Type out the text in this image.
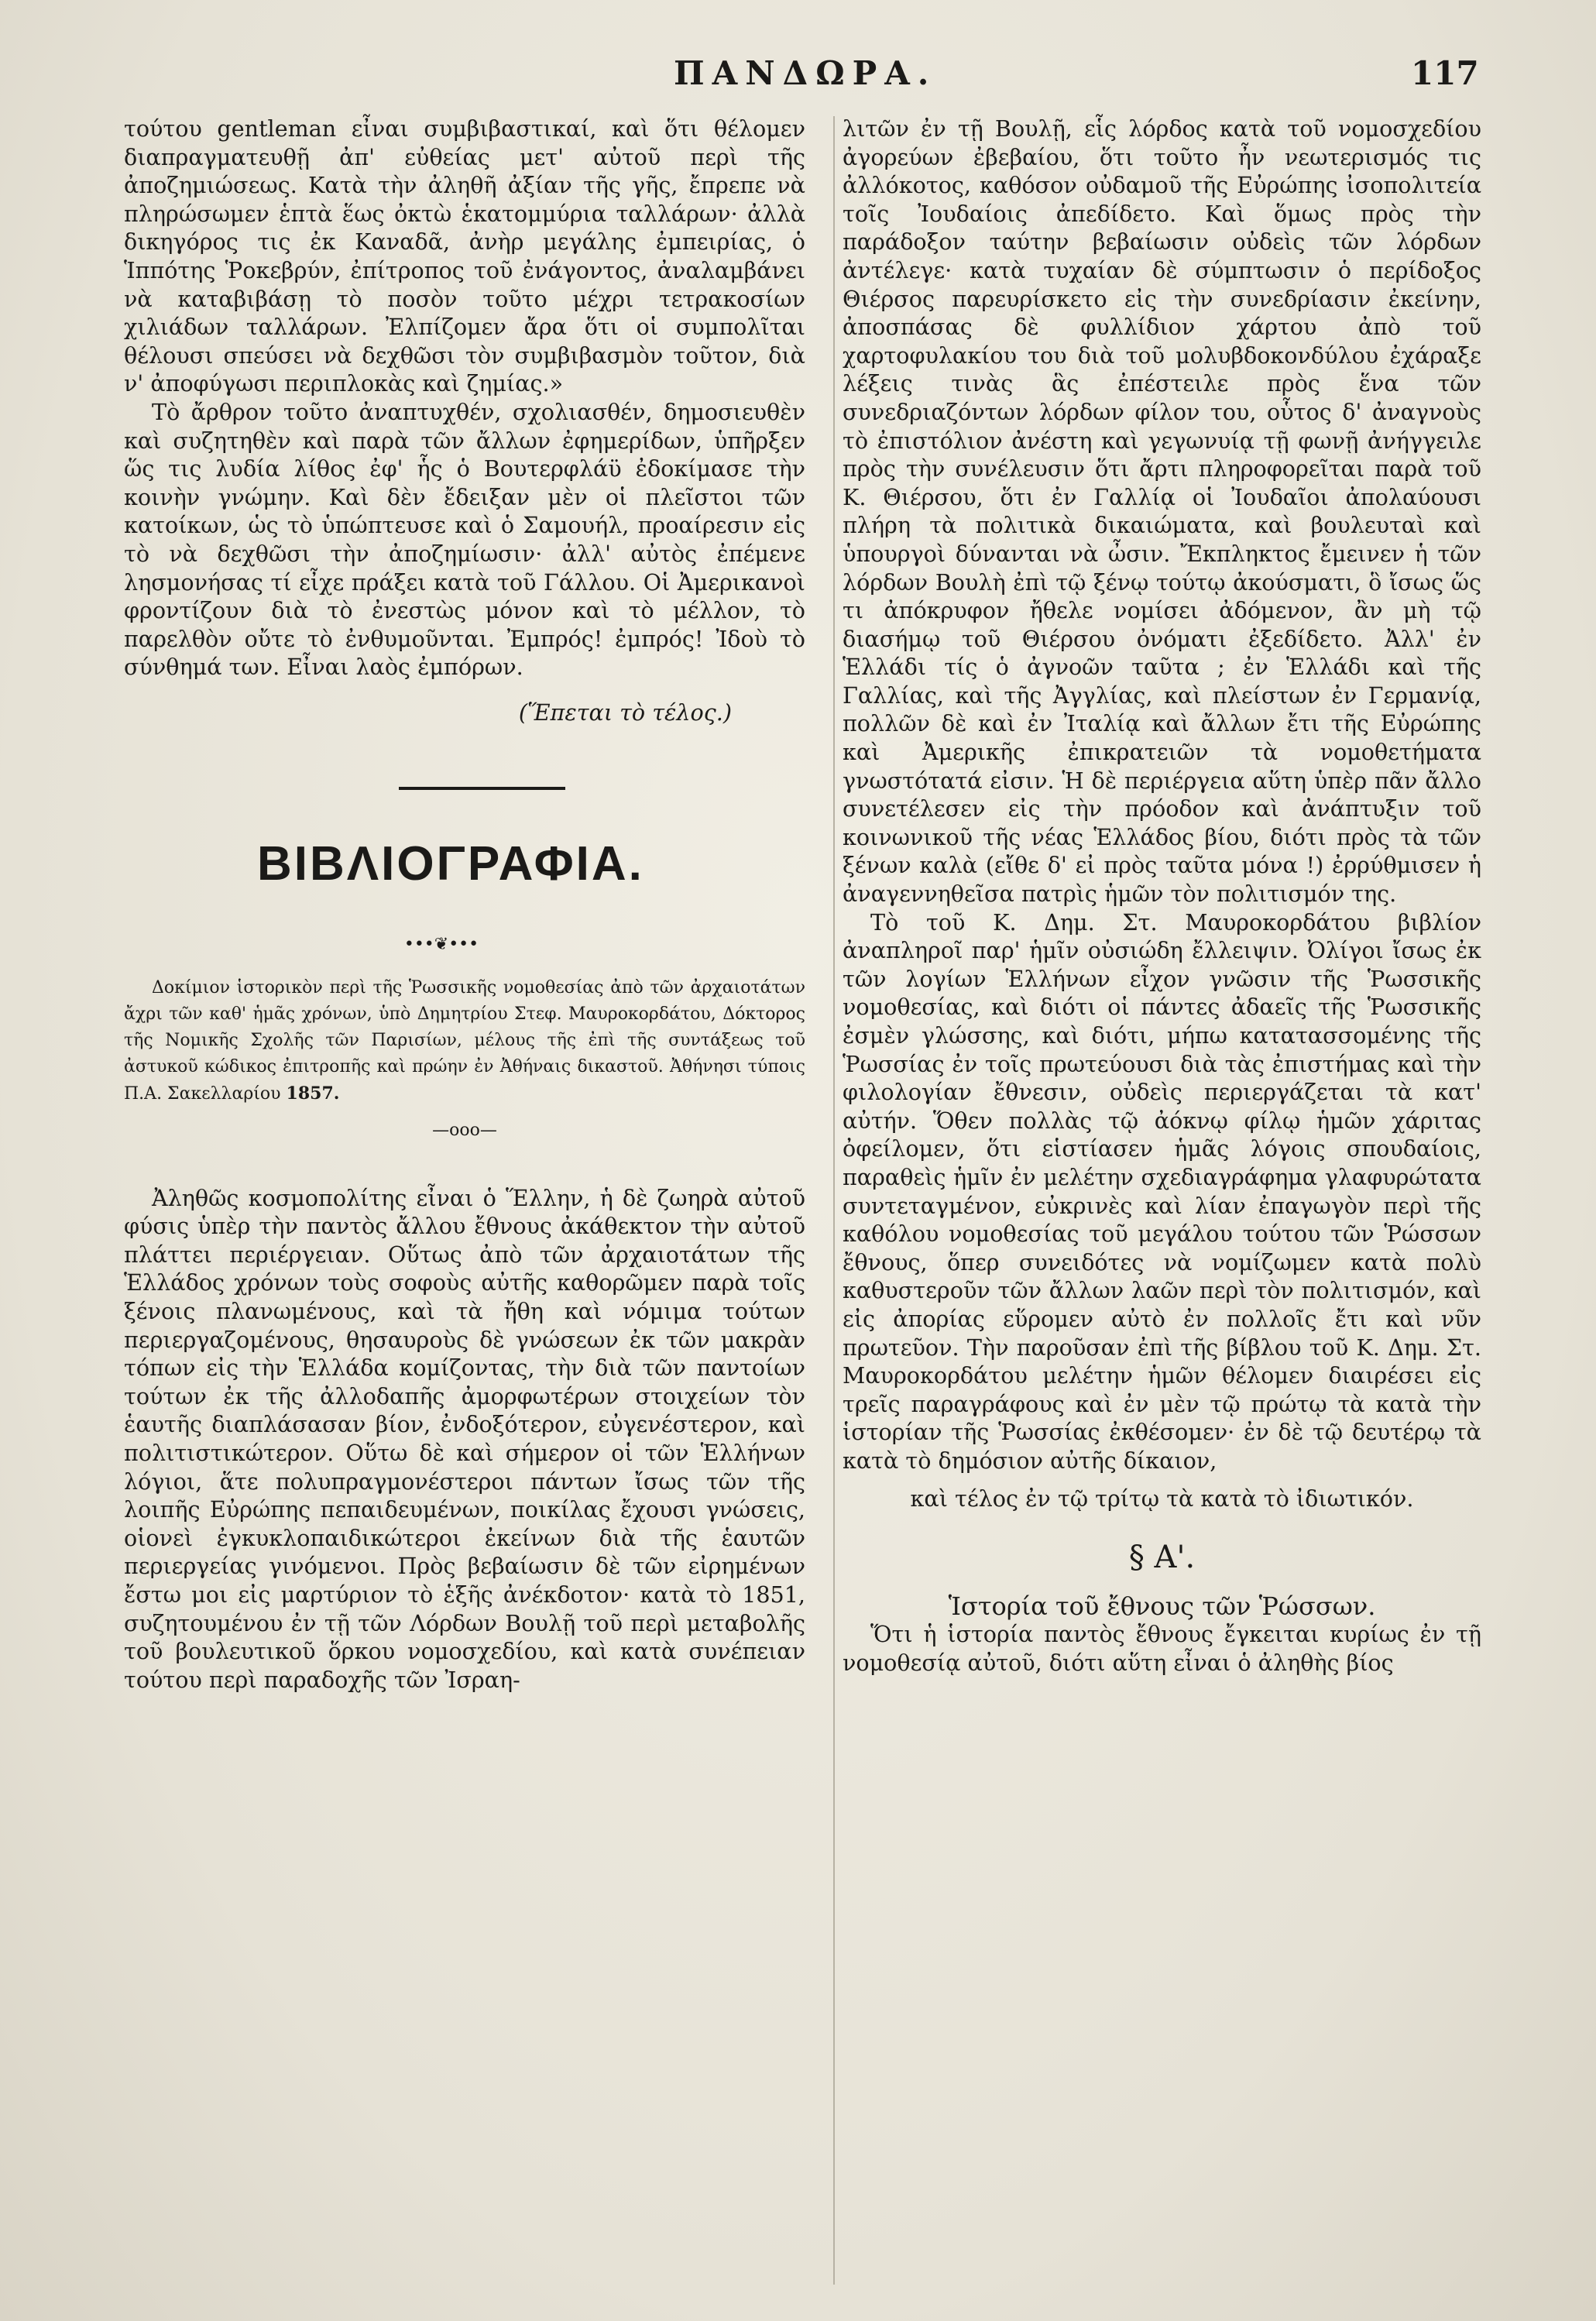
ΠΑΝΔΩΡΑ.	117

τούτου gentleman εἶναι συμβιβαστικαί, καὶ ὅτι θέλομεν διαπραγματευθῇ ἀπ' εὐθείας μετ' αὐτοῦ περὶ τῆς ἀποζημιώσεως. Κατὰ τὴν ἀληθῆ ἀξίαν τῆς γῆς, ἔπρεπε νὰ πληρώσωμεν ἑπτὰ ἕως ὀκτὼ ἑκατομμύρια ταλλάρων· ἀλλὰ δικηγόρος τις ἐκ Καναδᾶ, ἀνὴρ μεγάλης ἐμπειρίας, ὁ Ἱππότης Ῥοκεβρύν, ἐπίτροπος τοῦ ἐνάγοντος, ἀναλαμβάνει νὰ καταβιβάσῃ τὸ ποσὸν τοῦτο μέχρι τετρακοσίων χιλιάδων ταλλάρων. Ἐλπίζομεν ἄρα ὅτι οἱ συμπολῖται θέλουσι σπεύσει νὰ δεχθῶσι τὸν συμβιβασμὸν τοῦτον, διὰ ν' ἀποφύγωσι περιπλοκὰς καὶ ζημίας.»

Τὸ ἄρθρον τοῦτο ἀναπτυχθέν, σχολιασθέν, δημοσιευθὲν καὶ συζητηθὲν καὶ παρὰ τῶν ἄλλων ἐφημερίδων, ὑπῆρξεν ὥς τις λυδία λίθος ἐφ' ἧς ὁ Βουτερφλάϋ ἐδοκίμασε τὴν κοινὴν γνώμην. Καὶ δὲν ἔδειξαν μὲν οἱ πλεῖστοι τῶν κατοίκων, ὡς τὸ ὑπώπτευσε καὶ ὁ Σαμουήλ, προαίρεσιν εἰς τὸ νὰ δεχθῶσι τὴν ἀποζημίωσιν· ἀλλ' αὐτὸς ἐπέμενε λησμονήσας τί εἶχε πράξει κατὰ τοῦ Γάλλου. Οἱ Ἀμερικανοὶ φροντίζουν διὰ τὸ ἐνεστὼς μόνον καὶ τὸ μέλλον, τὸ παρελθὸν οὔτε τὸ ἐνθυμοῦνται. Ἐμπρός! ἐμπρός! Ἰδοὺ τὸ σύνθημά των. Εἶναι λαὸς ἐμπόρων.

(Ἕπεται τὸ τέλος.)

ΒΙΒΛΙΟΓΡΑΦΙΑ.

•••❦•••

Δοκίμιον ἱστορικὸν περὶ τῆς Ῥωσσικῆς νομοθεσίας ἀπὸ τῶν ἀρχαιοτάτων ἄχρι τῶν καθ' ἡμᾶς χρόνων, ὑπὸ Δημητρίου Στεφ. Μαυροκορδάτου, Δόκτορος τῆς Νομικῆς Σχολῆς τῶν Παρισίων, μέλους τῆς ἐπὶ τῆς συντάξεως τοῦ ἀστυκοῦ κώδικος ἐπιτροπῆς καὶ πρώην ἐν Ἀθήναις δικαστοῦ. Ἀθήνησι τύποις Π.Α. Σακελλαρίου 1857.

—οοο—

Ἀληθῶς κοσμοπολίτης εἶναι ὁ Ἕλλην, ἡ δὲ ζωηρὰ αὐτοῦ φύσις ὑπὲρ τὴν παντὸς ἄλλου ἔθνους ἀκάθεκτον τὴν αὐτοῦ πλάττει περιέργειαν. Οὕτως ἀπὸ τῶν ἀρχαιοτάτων τῆς Ἑλλάδος χρόνων τοὺς σοφοὺς αὐτῆς καθορῶμεν παρὰ τοῖς ξένοις πλανωμένους, καὶ τὰ ἤθη καὶ νόμιμα τούτων περιεργαζομένους, θησαυροὺς δὲ γνώσεων ἐκ τῶν μακρὰν τόπων εἰς τὴν Ἑλλάδα κομίζοντας, τὴν διὰ τῶν παντοίων τούτων ἐκ τῆς ἀλλοδαπῆς ἀμορφωτέρων στοιχείων τὸν ἑαυτῆς διαπλάσασαν βίον, ἐνδοξότερον, εὐγενέστερον, καὶ πολιτιστικώτερον. Οὕτω δὲ καὶ σήμερον οἱ τῶν Ἑλλήνων λόγιοι, ἅτε πολυπραγμονέστεροι πάντων ἴσως τῶν τῆς λοιπῆς Εὐρώπης πεπαιδευμένων, ποικίλας ἔχουσι γνώσεις, οἱονεὶ ἐγκυκλοπαιδικώτεροι ἐκείνων διὰ τῆς ἑαυτῶν περιεργείας γινόμενοι. Πρὸς βεβαίωσιν δὲ τῶν εἰρημένων ἔστω μοι εἰς μαρτύριον τὸ ἑξῆς ἀνέκδοτον· κατὰ τὸ 1851, συζητουμένου ἐν τῇ τῶν Λόρδων Βουλῇ τοῦ περὶ μεταβολῆς τοῦ βουλευτικοῦ ὅρκου νομοσχεδίου, καὶ κατὰ συνέπειαν τούτου περὶ παραδοχῆς τῶν Ἰσραη-

λιτῶν ἐν τῇ Βουλῇ, εἷς λόρδος κατὰ τοῦ νομοσχεδίου ἀγορεύων ἐβεβαίου, ὅτι τοῦτο ἦν νεωτερισμός τις ἀλλόκοτος, καθόσον οὐδαμοῦ τῆς Εὐρώπης ἰσοπολιτεία τοῖς Ἰουδαίοις ἀπεδίδετο. Καὶ ὅμως πρὸς τὴν παράδοξον ταύτην βεβαίωσιν οὐδεὶς τῶν λόρδων ἀντέλεγε· κατὰ τυχαίαν δὲ σύμπτωσιν ὁ περίδοξος Θιέρσος παρευρίσκετο εἰς τὴν συνεδρίασιν ἐκείνην, ἀποσπάσας δὲ φυλλίδιον χάρτου ἀπὸ τοῦ χαρτοφυλακίου του διὰ τοῦ μολυβδοκονδύλου ἐχάραξε λέξεις τινὰς ἃς ἐπέστειλε πρὸς ἕνα τῶν συνεδριαζόντων λόρδων φίλον του, οὗτος δ' ἀναγνοὺς τὸ ἐπιστόλιον ἀνέστη καὶ γεγωνυίᾳ τῇ φωνῇ ἀνήγγειλε πρὸς τὴν συνέλευσιν ὅτι ἄρτι πληροφορεῖται παρὰ τοῦ Κ. Θιέρσου, ὅτι ἐν Γαλλίᾳ οἱ Ἰουδαῖοι ἀπολαύουσι πλήρη τὰ πολιτικὰ δικαιώματα, καὶ βουλευταὶ καὶ ὑπουργοὶ δύνανται νὰ ὦσιν. Ἔκπληκτος ἔμεινεν ἡ τῶν λόρδων Βουλὴ ἐπὶ τῷ ξένῳ τούτῳ ἀκούσματι, ὃ ἴσως ὥς τι ἀπόκρυφον ἤθελε νομίσει ἀδόμενον, ἂν μὴ τῷ διασήμῳ τοῦ Θιέρσου ὀνόματι ἐξεδίδετο. Ἀλλ' ἐν Ἑλλάδι τίς ὁ ἀγνοῶν ταῦτα ; ἐν Ἑλλάδι καὶ τῆς Γαλλίας, καὶ τῆς Ἀγγλίας, καὶ πλείστων ἐν Γερμανίᾳ, πολλῶν δὲ καὶ ἐν Ἰταλίᾳ καὶ ἄλλων ἔτι τῆς Εὐρώπης καὶ Ἀμερικῆς ἐπικρατειῶν τὰ νομοθετήματα γνωστότατά εἰσιν. Ἡ δὲ περιέργεια αὕτη ὑπὲρ πᾶν ἄλλο συνετέλεσεν εἰς τὴν πρόοδον καὶ ἀνάπτυξιν τοῦ κοινωνικοῦ τῆς νέας Ἑλλάδος βίου, διότι πρὸς τὰ τῶν ξένων καλὰ (εἴθε δ' εἰ πρὸς ταῦτα μόνα !) ἐρρύθμισεν ἡ ἀναγεννηθεῖσα πατρὶς ἡμῶν τὸν πολιτισμόν της.

Τὸ τοῦ Κ. Δημ. Στ. Μαυροκορδάτου βιβλίον ἀναπληροῖ παρ' ἡμῖν οὐσιώδη ἔλλειψιν. Ὀλίγοι ἴσως ἐκ τῶν λογίων Ἑλλήνων εἶχον γνῶσιν τῆς Ῥωσσικῆς νομοθεσίας, καὶ διότι οἱ πάντες ἀδαεῖς τῆς Ῥωσσικῆς ἐσμὲν γλώσσης, καὶ διότι, μήπω κατατασσομένης τῆς Ῥωσσίας ἐν τοῖς πρωτεύουσι διὰ τὰς ἐπιστήμας καὶ τὴν φιλολογίαν ἔθνεσιν, οὐδεὶς περιεργάζεται τὰ κατ' αὐτήν. Ὅθεν πολλὰς τῷ ἀόκνῳ φίλῳ ἡμῶν χάριτας ὀφείλομεν, ὅτι εἱστίασεν ἡμᾶς λόγοις σπουδαίοις, παραθεὶς ἡμῖν ἐν μελέτην σχεδιαγράφημα γλαφυρώτατα συντεταγμένον, εὐκρινὲς καὶ λίαν ἐπαγωγὸν περὶ τῆς καθόλου νομοθεσίας τοῦ μεγάλου τούτου τῶν Ῥώσσων ἔθνους, ὅπερ συνειδότες νὰ νομίζωμεν κατὰ πολὺ καθυστεροῦν τῶν ἄλλων λαῶν περὶ τὸν πολιτισμόν, καὶ εἰς ἀπορίας εὕρομεν αὐτὸ ἐν πολλοῖς ἔτι καὶ νῦν πρωτεῦον. Τὴν παροῦσαν ἐπὶ τῆς βίβλου τοῦ Κ. Δημ. Στ. Μαυροκορδάτου μελέτην ἡμῶν θέλομεν διαιρέσει εἰς τρεῖς παραγράφους καὶ ἐν μὲν τῷ πρώτῳ τὰ κατὰ τὴν ἱστορίαν τῆς Ῥωσσίας ἐκθέσομεν· ἐν δὲ τῷ δευτέρῳ τὰ κατὰ τὸ δημόσιον αὐτῆς δίκαιον,

καὶ τέλος ἐν τῷ τρίτῳ τὰ κατὰ τὸ ἰδιωτικόν.

§ Α'.

Ἱστορία τοῦ ἔθνους τῶν Ῥώσσων.

Ὅτι ἡ ἱστορία παντὸς ἔθνους ἔγκειται κυρίως ἐν τῇ νομοθεσίᾳ αὐτοῦ, διότι αὕτη εἶναι ὁ ἀληθὴς βίος
